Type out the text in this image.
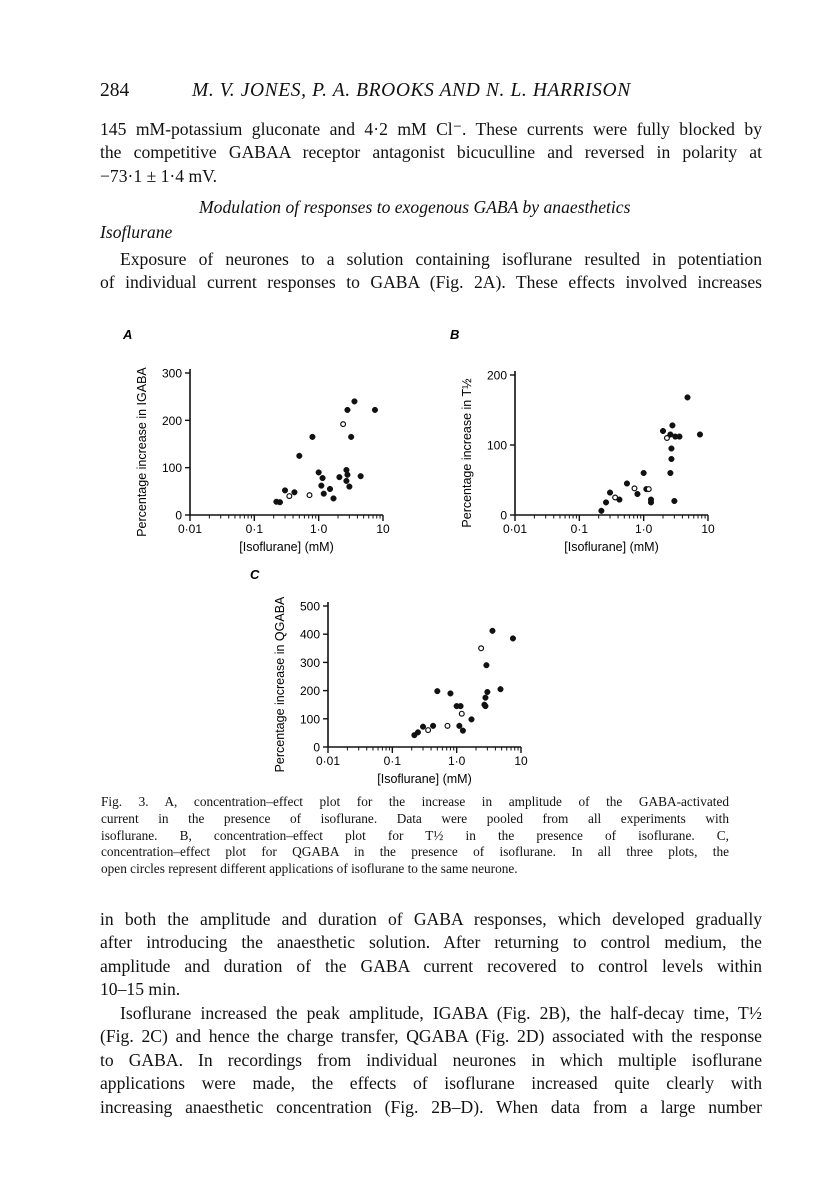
284	M. V. JONES, P. A. BROOKS AND N. L. HARRISON
145 mM-potassium gluconate and 4·2 mM Cl⁻. These currents were fully blocked by
the competitive GABAA receptor antagonist bicuculline and reversed in polarity at
−73·1 ± 1·4 mV.
Modulation of responses to exogenous GABA by anaesthetics
Isoflurane
Exposure of neurones to a solution containing isoflurane resulted in potentiation
of individual current responses to GABA (Fig. 2A). These effects involved increases
A
0
100
200
300
0·01	0·1	1·0	10
[Isoflurane] (mM)
Percentage increase in IGABA
B
0
100
200
0·01	0·1	1·0	10
[Isoflurane] (mM)
Percentage increase in T½
C
0
100
200
300
400
500
0·01	0·1	1·0	10
[Isoflurane] (mM)
Percentage increase in QGABA
Fig. 3. A, concentration–effect plot for the increase in amplitude of the GABA-activated
current in the presence of isoflurane. Data were pooled from all experiments with
isoflurane. B, concentration–effect plot for T½ in the presence of isoflurane. C,
concentration–effect plot for QGABA in the presence of isoflurane. In all three plots, the
open circles represent different applications of isoflurane to the same neurone.
in both the amplitude and duration of GABA responses, which developed gradually
after introducing the anaesthetic solution. After returning to control medium, the
amplitude and duration of the GABA current recovered to control levels within
10–15 min.
Isoflurane increased the peak amplitude, IGABA (Fig. 2B), the half-decay time, T½
(Fig. 2C) and hence the charge transfer, QGABA (Fig. 2D) associated with the response
to GABA. In recordings from individual neurones in which multiple isoflurane
applications were made, the effects of isoflurane increased quite clearly with
increasing anaesthetic concentration (Fig. 2B–D). When data from a large number
